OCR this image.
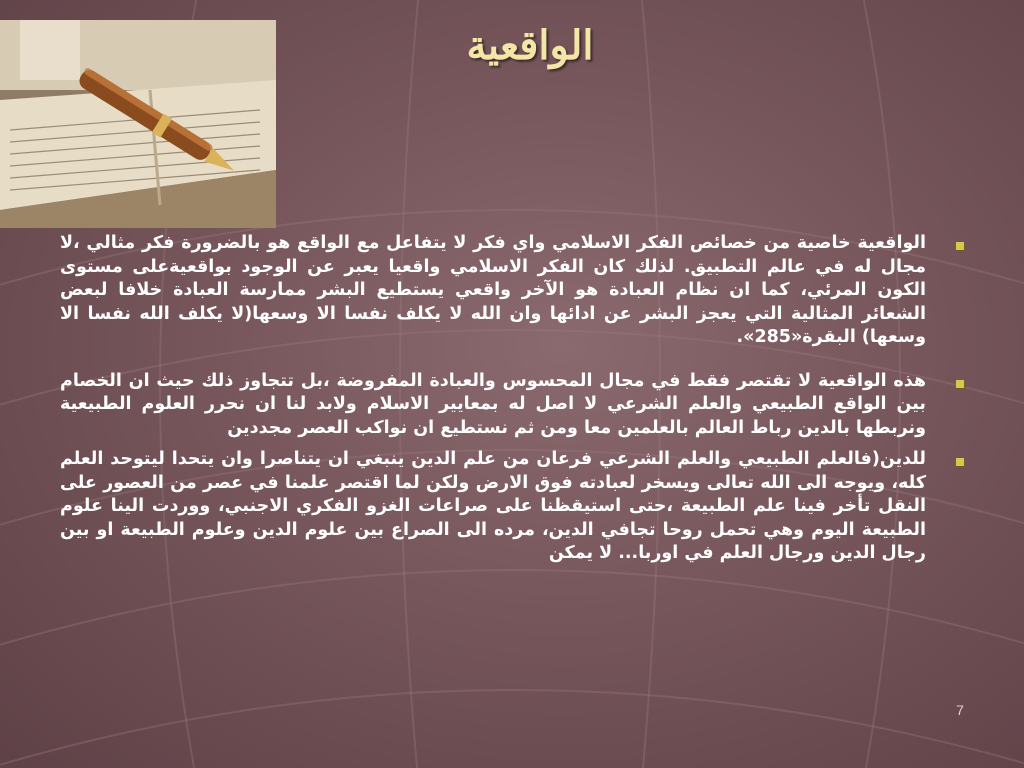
الواقعية
الواقعية خاصية من خصائص الفكر الاسلامي واي فكر لا يتفاعل مع الواقع هو بالضرورة فكر مثالي ،لا مجال له في عالم التطبيق. لذلك كان الفكر الاسلامي واقعيا يعبر عن الوجود بواقعيةعلى مستوى الكون المرئي، كما ان نظام العبادة هو الآخر واقعي يستطيع البشر ممارسة العبادة خلافا لبعض الشعائر المثالية التي يعجز البشر عن ادائها وان الله لا يكلف نفسا الا وسعها(لا يكلف الله نفسا الا وسعها) البقرة«285».
هذه الواقعية لا تقتصر فقط في مجال المحسوس والعبادة المفروضة ،بل تتجاوز ذلك حيث ان الخصام بين الواقع الطبيعي والعلم الشرعي لا اصل له بمعايير الاسلام ولابد لنا ان نحرر العلوم الطبيعية ونربطها بالدين رباط العالم بالعلمين معا ومن ثم نستطيع ان نواكب العصر مجددين
للدين(فالعلم الطبيعي والعلم الشرعي فرعان من علم الدين ينبغي ان يتناصرا وان يتحدا ليتوحد العلم كله، ويوجه الى الله تعالى ويسخر لعبادته فوق الارض ولكن لما اقتصر علمنا في عصر من العصور على النقل تأخر فينا علم الطبيعة ،حتى استيقظنا على صراعات الغزو الفكري الاجنبي، ووردت الينا علوم الطبيعة اليوم وهي تحمل روحا تجافي الدين، مرده الى الصراع بين علوم الدين وعلوم الطبيعة او بين رجال الدين ورجال العلم في اوربا... لا يمكن
7
